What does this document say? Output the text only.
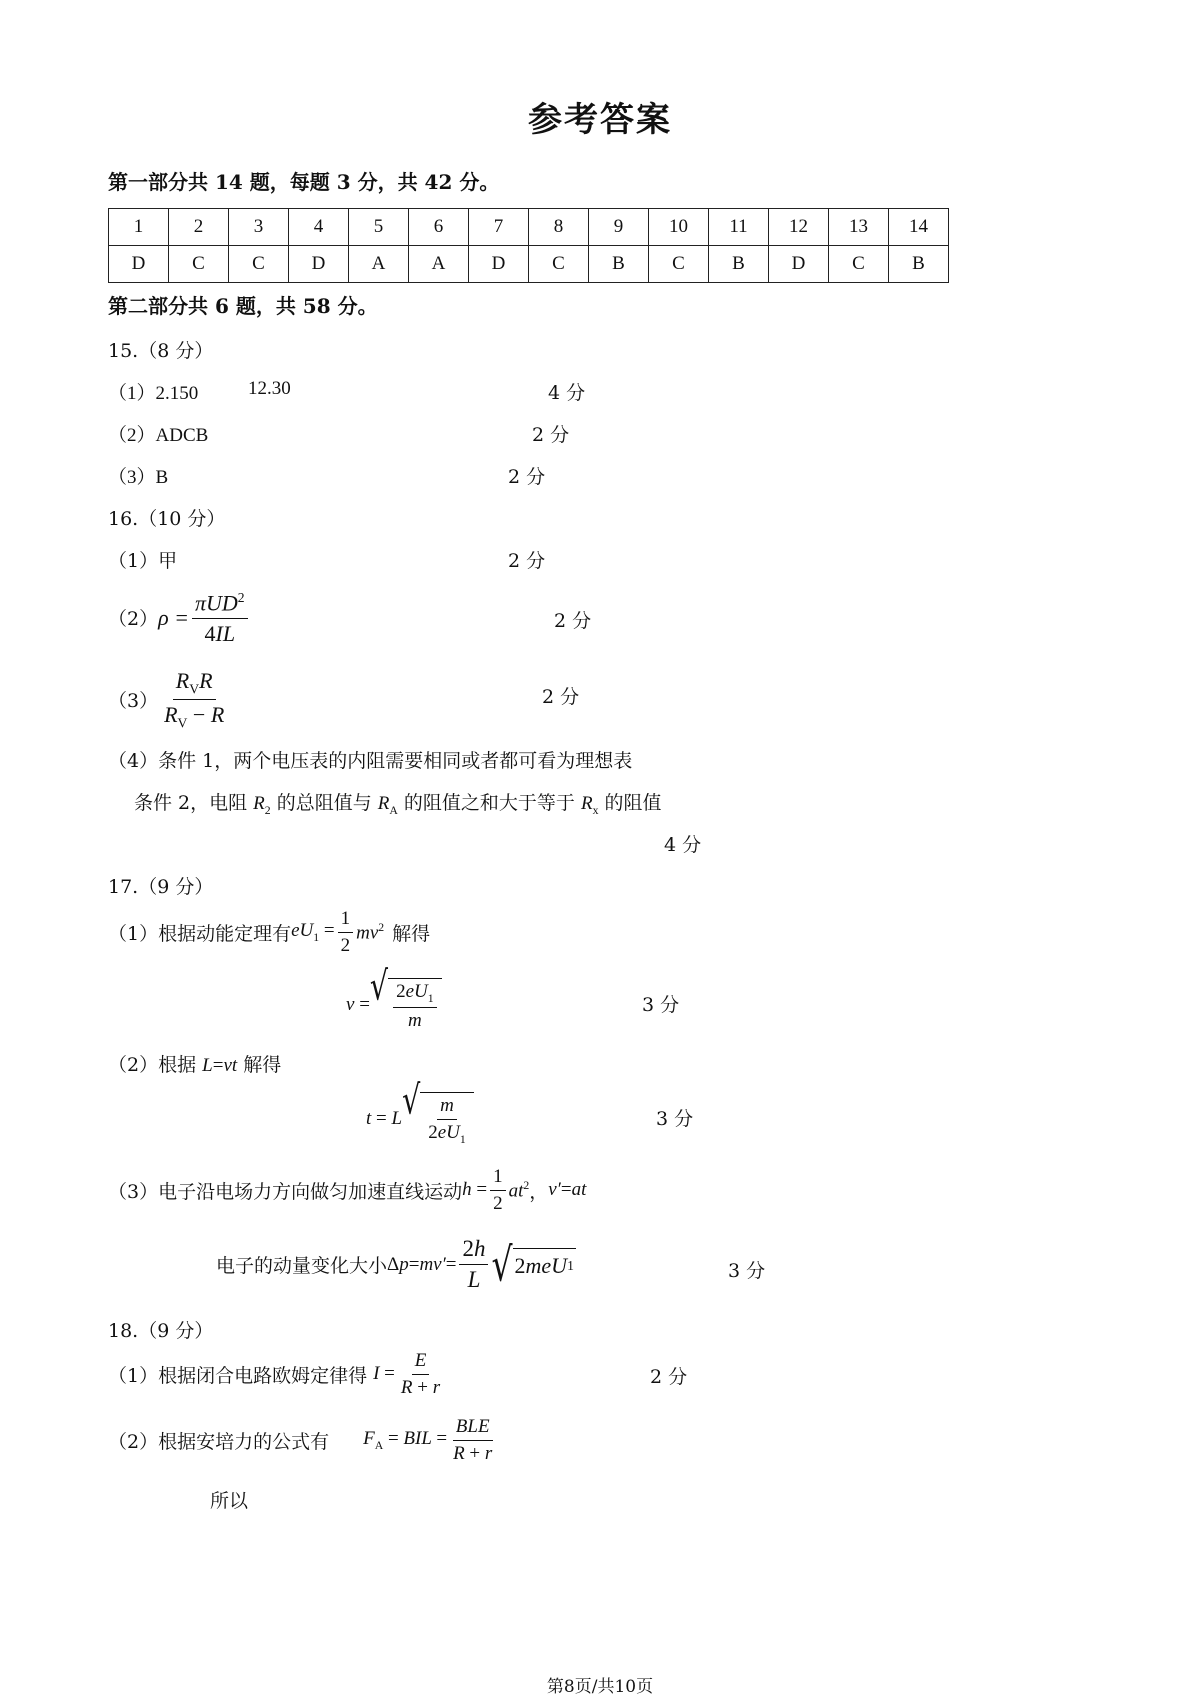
参考答案
第一部分共 14 题，每题 3 分，共 42 分。
1	2	3	4	5	6	7	8	9	10	11	12	13	14
D	C	C	D	A	A	D	C	B	C	B	D	C	B
第二部分共 6 题，共 58 分。
15.（8 分）
（1）2.150	12.30	4 分
（2）ADCB	2 分
（3）B	2 分
16.（10 分）
（1）甲	2 分
（2） $\rho = \frac{\pi UD^2}{4IL}$	2 分
$(3) \frac{R_VR}{R_V - R}$	2 分
（4）条件 1，两个电压表的内阻需要相同或者都可看为理想表
条件 2，电阻 $R_2$ 的总阻值与 $R_A$ 的阻值之和大于等于 $R_x$ 的阻值
4 分
17.（9 分）
（1）根据动能定理有 $eU_1 = \frac{1}{2} mv^2$ 解得
v = √ $\frac{2eU_1}{m}$	3 分
（2）根据 L=vt 解得
t = L √ $\frac{m}{2eU_1}$	3 分
（3）电子沿电场力方向做匀加速直线运动 $h = \frac{1}{2} at^2$ ， v′=at
电子的动量变化大小 $\Delta p=mv'= \frac{2h}{L}$ √ 2 meU 1	3 分
18.（9 分）
（1）根据闭合电路欧姆定律得 $I = \frac{E}{R + r}$	2 分
（2）根据安培力的公式有 $F_A$ = BIL = $\frac{\text{BLE}}{R + r}$
所以
第8页/共10页
